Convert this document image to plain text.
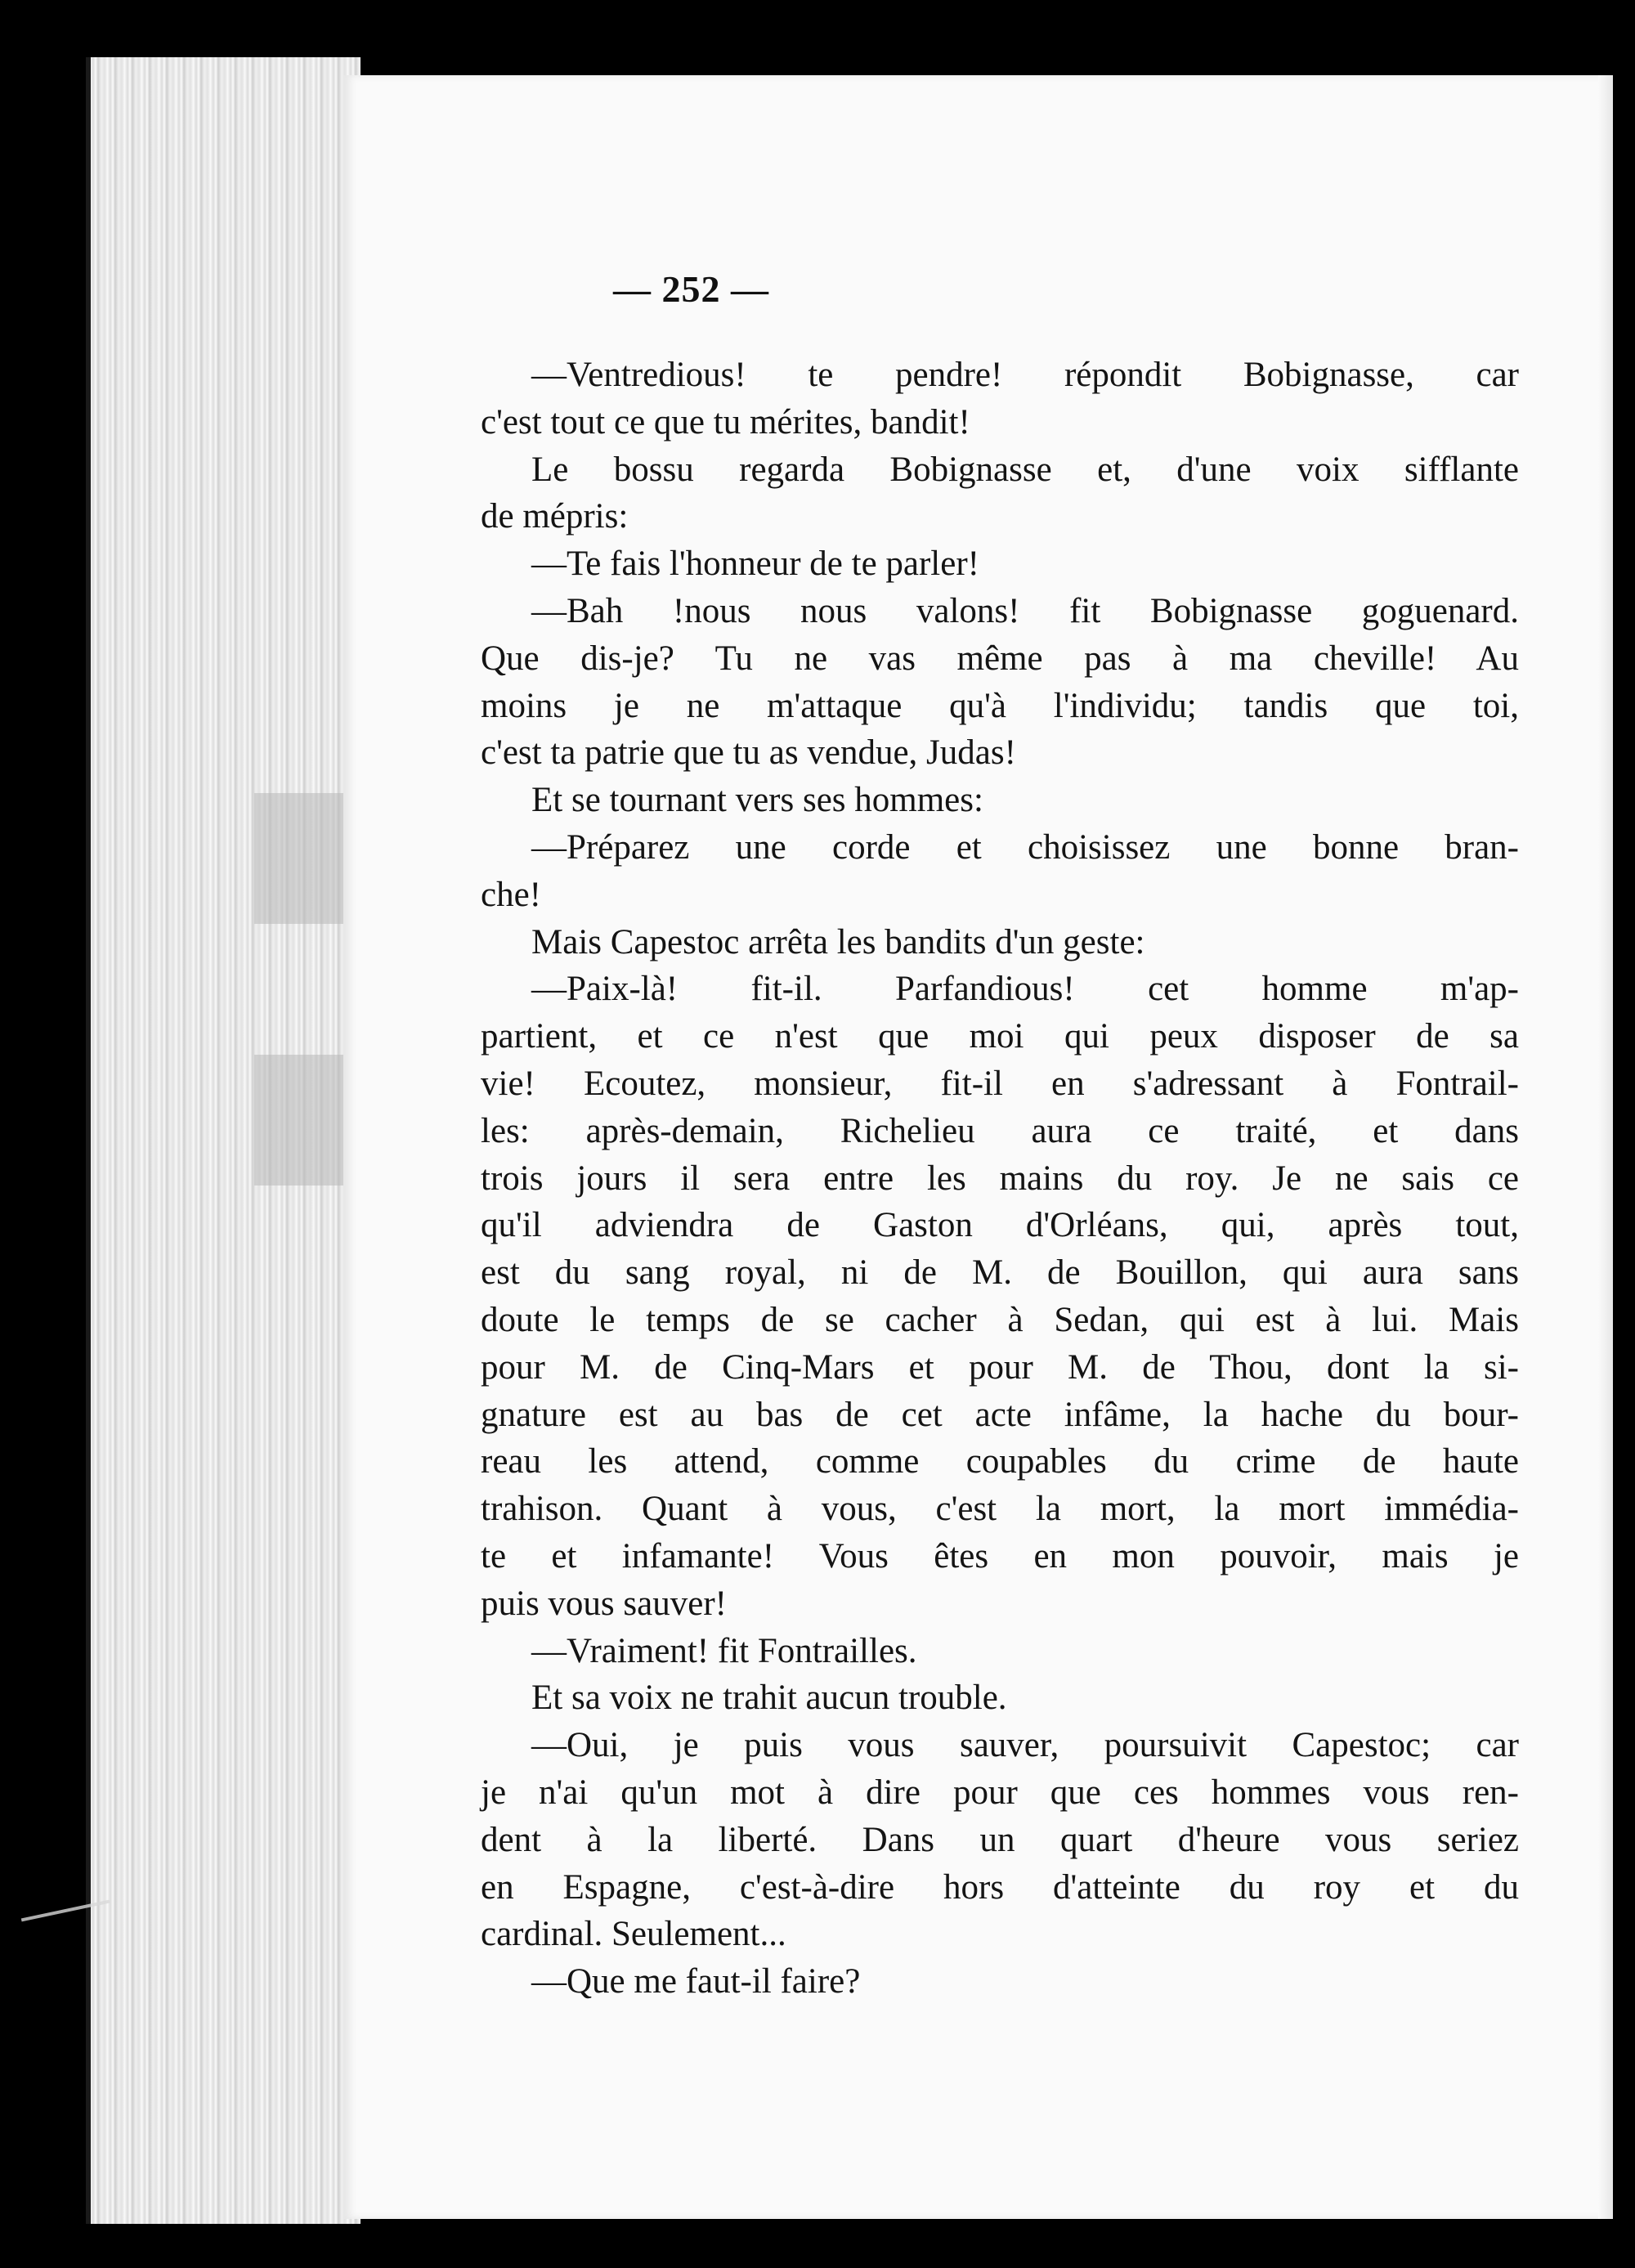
— 252 —
—Ventredious! te pendre! répondit Bobignasse, car
c'est tout ce que tu mérites, bandit!
Le bossu regarda Bobignasse et, d'une voix sifflante
de mépris:
—Te fais l'honneur de te parler!
—Bah !nous nous valons! fit Bobignasse goguenard.
Que dis-je? Tu ne vas même pas à ma cheville! Au
moins je ne m'attaque qu'à l'individu; tandis que toi,
c'est ta patrie que tu as vendue, Judas!
Et se tournant vers ses hommes:
—Préparez une corde et choisissez une bonne bran-
che!
Mais Capestoc arrêta les bandits d'un geste:
—Paix-là! fit-il. Parfandious! cet homme m'ap-
partient, et ce n'est que moi qui peux disposer de sa
vie! Ecoutez, monsieur, fit-il en s'adressant à Fontrail-
les: après-demain, Richelieu aura ce traité, et dans
trois jours il sera entre les mains du roy. Je ne sais ce
qu'il adviendra de Gaston d'Orléans, qui, après tout,
est du sang royal, ni de M. de Bouillon, qui aura sans
doute le temps de se cacher à Sedan, qui est à lui. Mais
pour M. de Cinq-Mars et pour M. de Thou, dont la si-
gnature est au bas de cet acte infâme, la hache du bour-
reau les attend, comme coupables du crime de haute
trahison. Quant à vous, c'est la mort, la mort immédia-
te et infamante! Vous êtes en mon pouvoir, mais je
puis vous sauver!
—Vraiment! fit Fontrailles.
Et sa voix ne trahit aucun trouble.
—Oui, je puis vous sauver, poursuivit Capestoc; car
je n'ai qu'un mot à dire pour que ces hommes vous ren-
dent à la liberté. Dans un quart d'heure vous seriez
en Espagne, c'est-à-dire hors d'atteinte du roy et du
cardinal. Seulement...
—Que me faut-il faire?
